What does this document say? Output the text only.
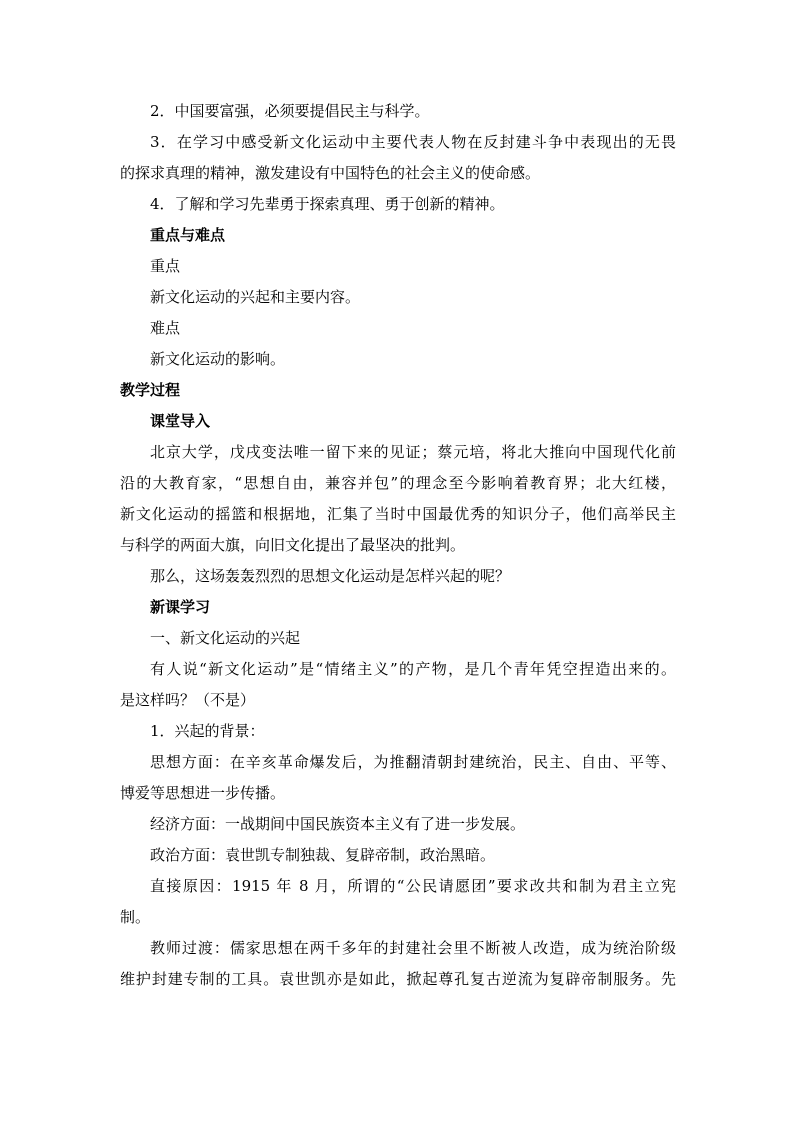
2．中国要富强，必须要提倡民主与科学。
3．在学习中感受新文化运动中主要代表人物在反封建斗争中表现出的无畏
的探求真理的精神，激发建设有中国特色的社会主义的使命感。
4．了解和学习先辈勇于探索真理、勇于创新的精神。
重点与难点
重点
新文化运动的兴起和主要内容。
难点
新文化运动的影响。
教学过程
课堂导入
北京大学，戊戌变法唯一留下来的见证；蔡元培，将北大推向中国现代化前
沿的大教育家，“思想自由，兼容并包”的理念至今影响着教育界；北大红楼，
新文化运动的摇篮和根据地，汇集了当时中国最优秀的知识分子，他们高举民主
与科学的两面大旗，向旧文化提出了最坚决的批判。
那么，这场轰轰烈烈的思想文化运动是怎样兴起的呢？
新课学习
一、新文化运动的兴起
有人说“新文化运动”是“情绪主义”的产物，是几个青年凭空捏造出来的。
是这样吗？（不是）
1．兴起的背景：
思想方面：在辛亥革命爆发后，为推翻清朝封建统治，民主、自由、平等、
博爱等思想进一步传播。
经济方面：一战期间中国民族资本主义有了进一步发展。
政治方面：袁世凯专制独裁、复辟帝制，政治黑暗。
直接原因：1915 年 8 月，所谓的“公民请愿团”要求改共和制为君主立宪
制。
教师过渡：儒家思想在两千多年的封建社会里不断被人改造，成为统治阶级
维护封建专制的工具。袁世凯亦是如此，掀起尊孔复古逆流为复辟帝制服务。先
